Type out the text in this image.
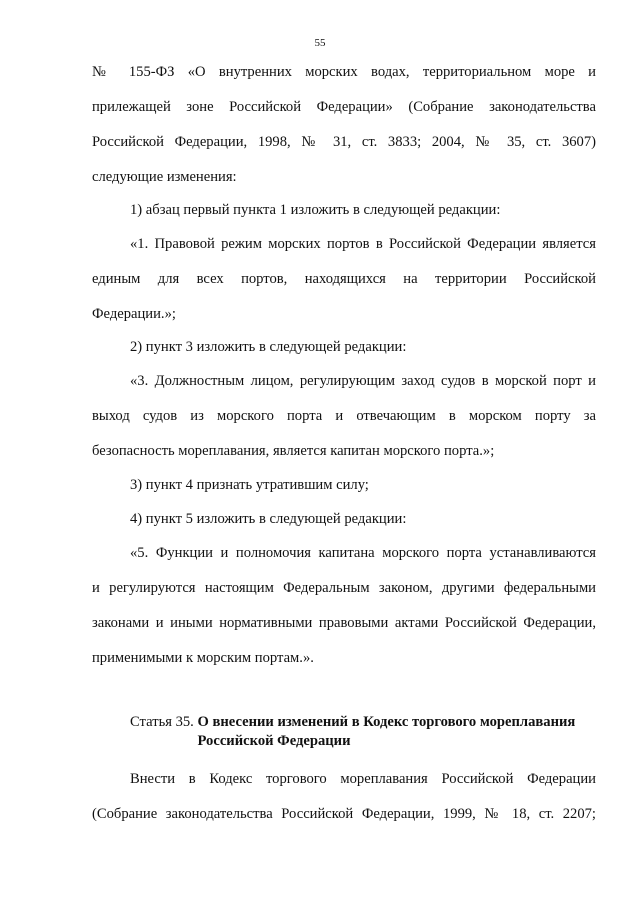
55
№ 155-ФЗ «О внутренних морских водах, территориальном море и
прилежащей зоне Российской Федерации» (Собрание законодательства
Российской Федерации, 1998, № 31, ст. 3833; 2004, № 35, ст. 3607)
следующие изменения:
1) абзац первый пункта 1 изложить в следующей редакции:
«1. Правовой режим морских портов в Российской Федерации является
единым для всех портов, находящихся на территории Российской
Федерации.»;
2) пункт 3 изложить в следующей редакции:
«3. Должностным лицом, регулирующим заход судов в морской порт и
выход судов из морского порта и отвечающим в морском порту за
безопасность мореплавания, является капитан морского порта.»;
3) пункт 4 признать утратившим силу;
4) пункт 5 изложить в следующей редакции:
«5. Функции и полномочия капитана морского порта устанавливаются
и регулируются настоящим Федеральным законом, другими федеральными
законами и иными нормативными правовыми актами Российской Федерации,
применимыми к морским портам.».
Статья 35. О внесении изменений в Кодекс торгового мореплавания
Российской Федерации
Внести в Кодекс торгового мореплавания Российской Федерации
(Собрание законодательства Российской Федерации, 1999, № 18, ст. 2207;
